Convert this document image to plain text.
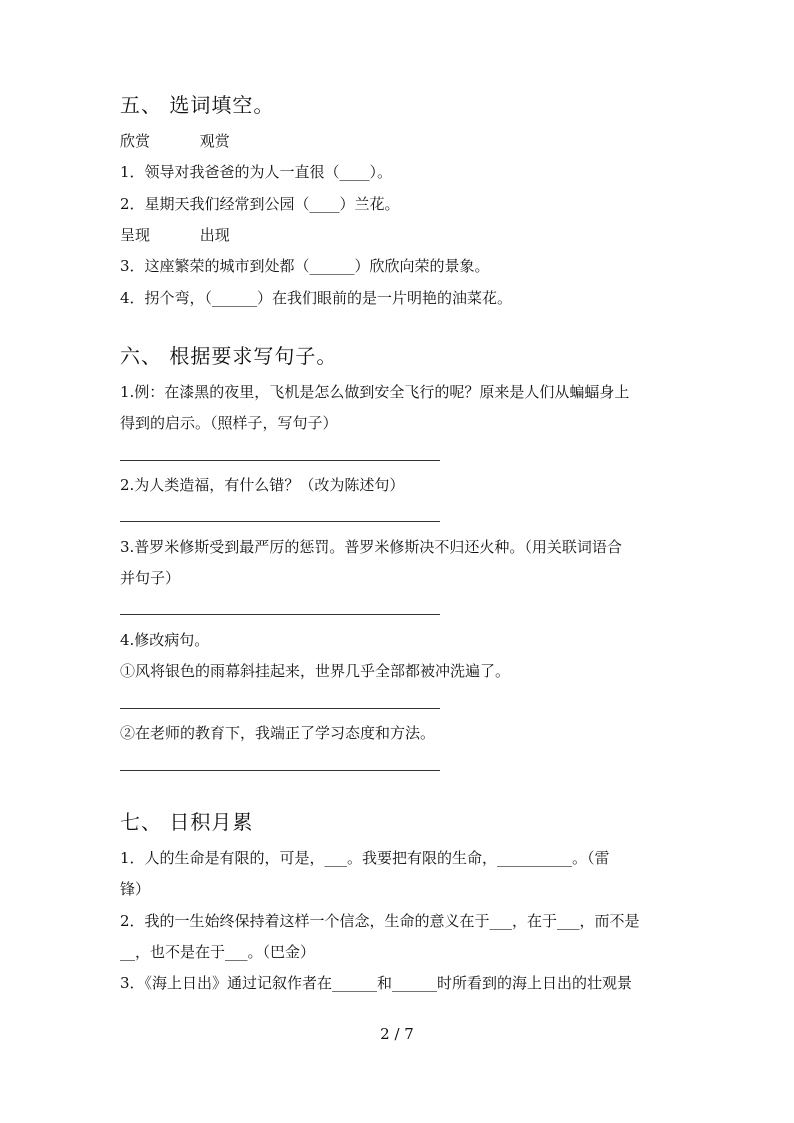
五、 选词填空。
欣赏 　　　观赏
1．领导对我爸爸的为人一直很（____）。
2．星期天我们经常到公园（____）兰花。
呈现 　　　出现
3．这座繁荣的城市到处都（______）欣欣向荣的景象。
4．拐个弯，（______）在我们眼前的是一片明艳的油菜花。
六、 根据要求写句子。
1.例：在漆黑的夜里，飞机是怎么做到安全飞行的呢？原来是人们从蝙蝠身上
得到的启示。（照样子，写句子）
2.为人类造福，有什么错？（改为陈述句）
3.普罗米修斯受到最严厉的惩罚。普罗米修斯决不归还火种。（用关联词语合
并句子）
4.修改病句。
①风将银色的雨幕斜挂起来，世界几乎全部都被冲洗遍了。
②在老师的教育下，我端正了学习态度和方法。
七、 日积月累
1．人的生命是有限的，可是，___。我要把有限的生命，__________。（雷
锋）
2．我的一生始终保持着这样一个信念，生命的意义在于___，在于___，而不是
__，也不是在于___。（巴金）
3．《海上日出》通过记叙作者在______和______时所看到的海上日出的壮观景
2 / 7
